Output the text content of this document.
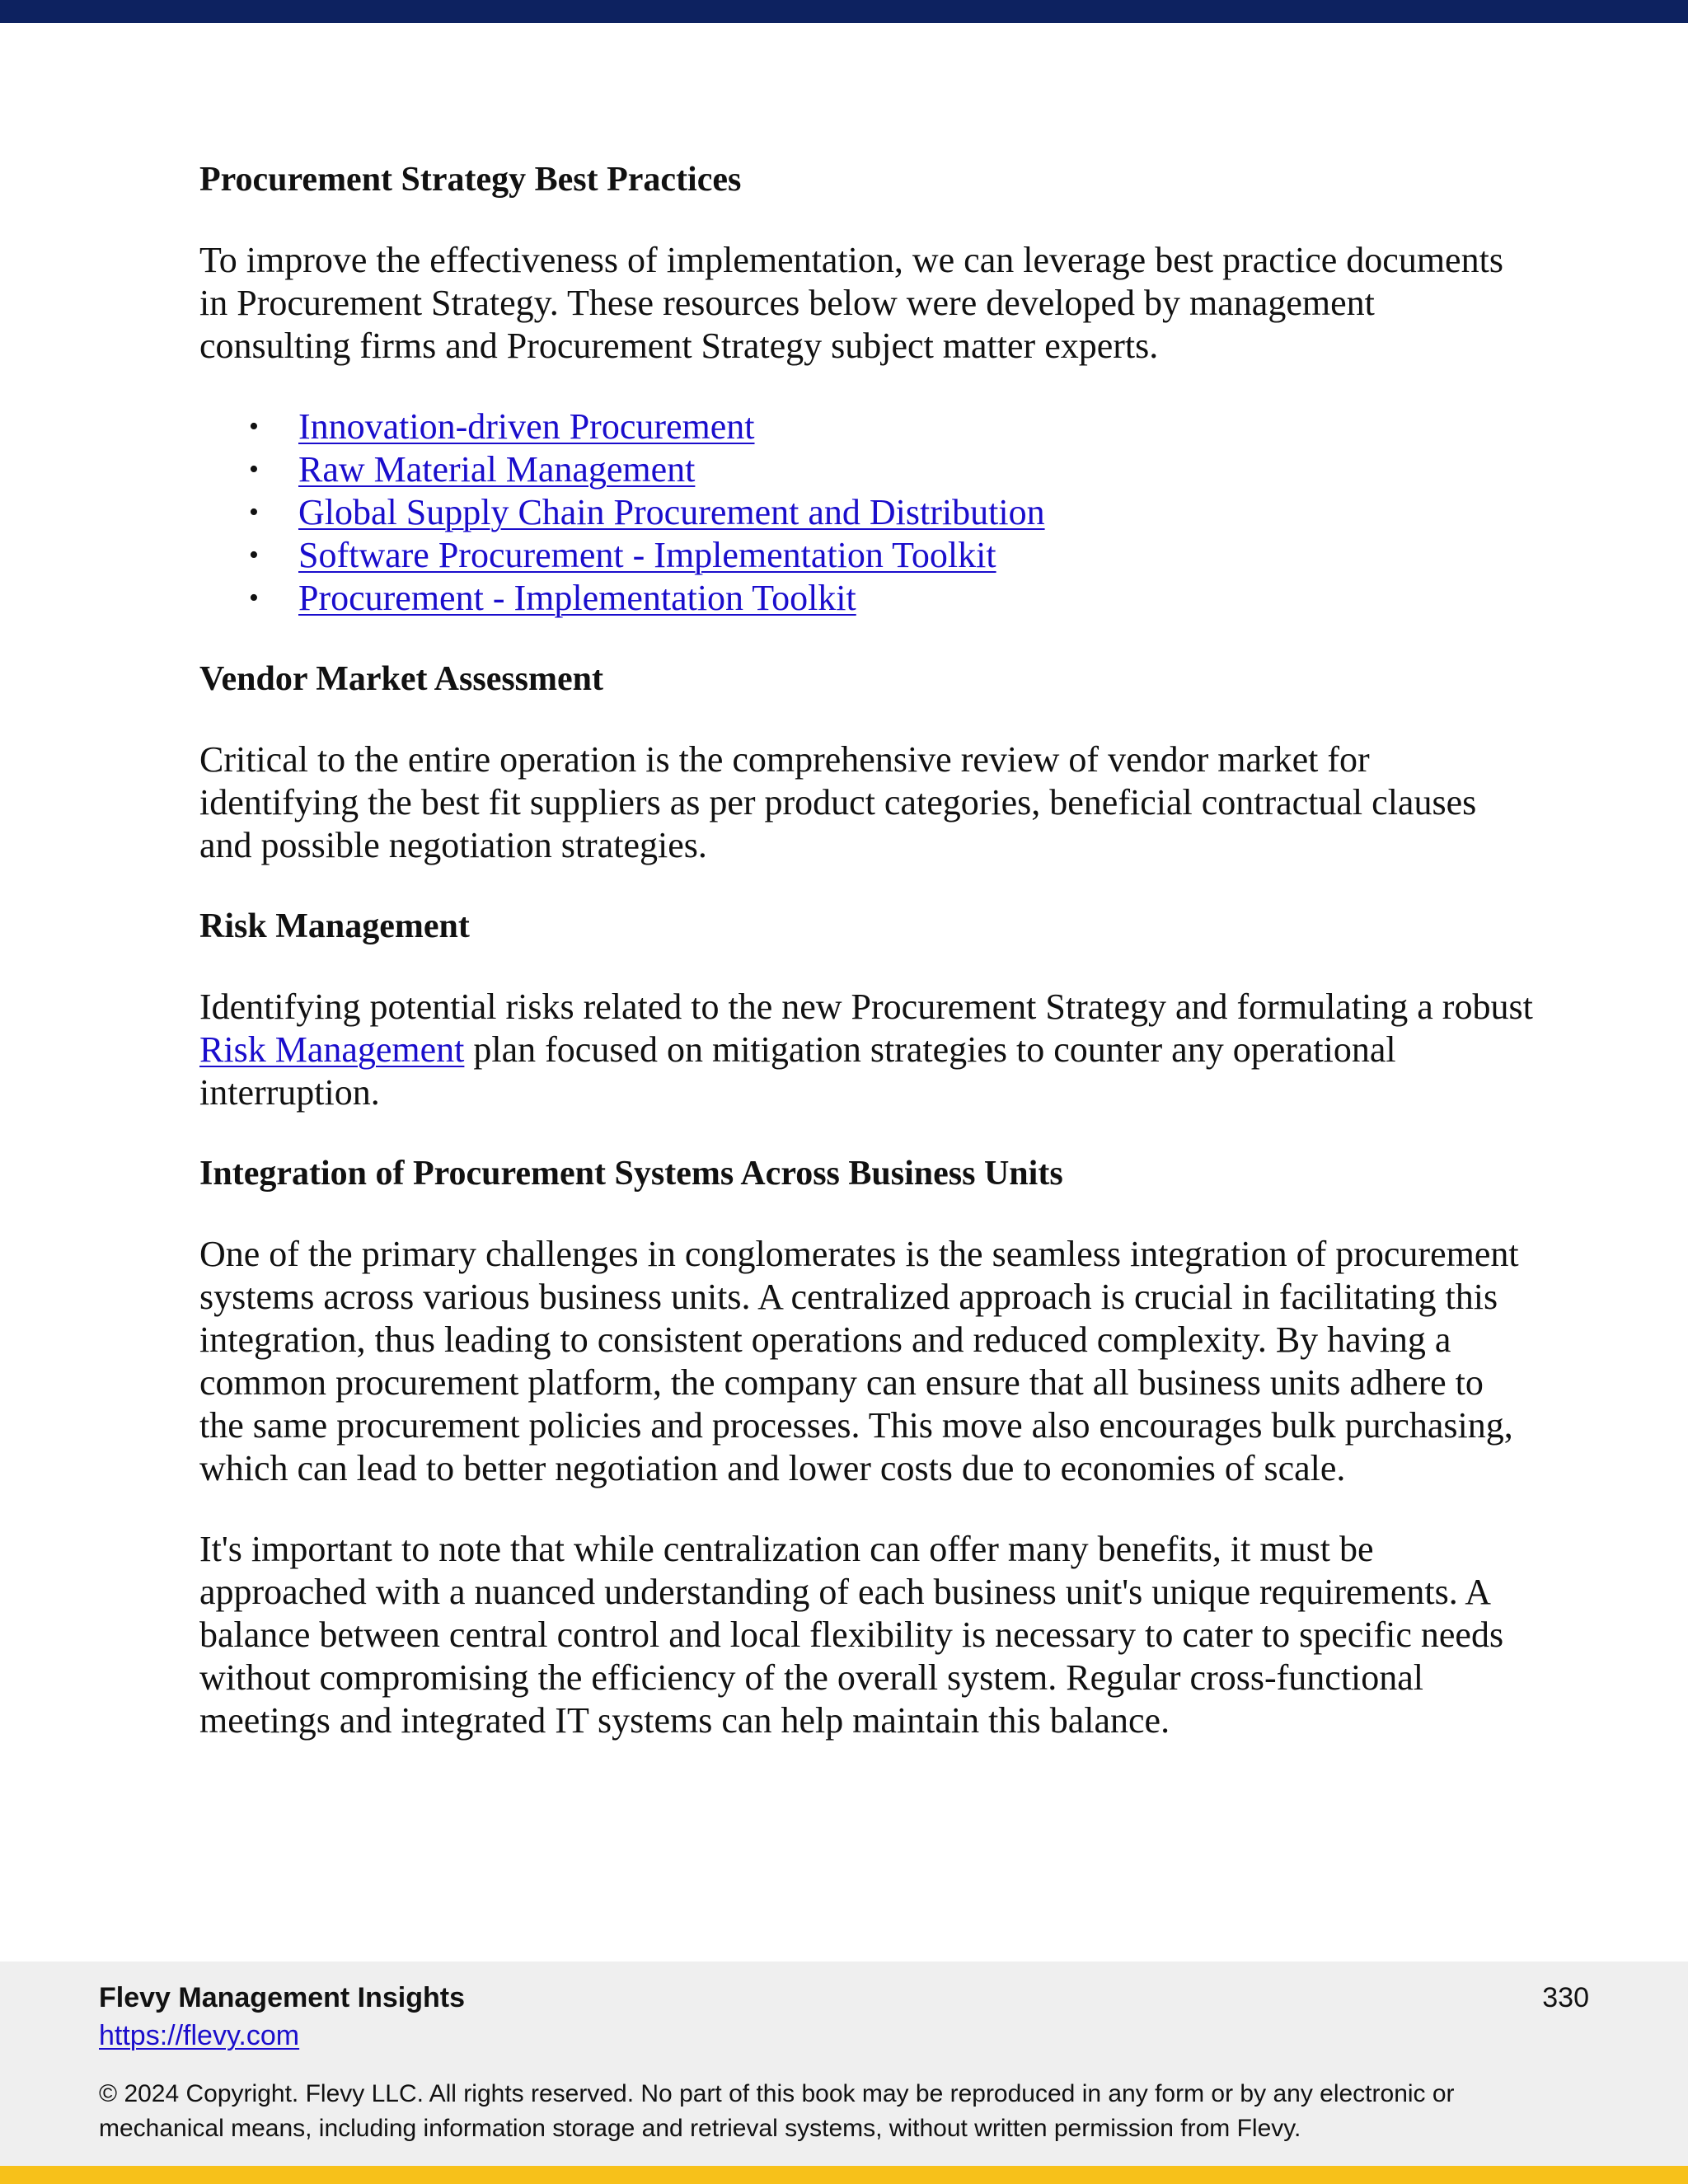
Procurement Strategy Best Practices

To improve the effectiveness of implementation, we can leverage best practice documents in Procurement Strategy. These resources below were developed by management consulting firms and Procurement Strategy subject matter experts.

• Innovation-driven Procurement
• Raw Material Management
• Global Supply Chain Procurement and Distribution
• Software Procurement - Implementation Toolkit
• Procurement - Implementation Toolkit
Vendor Market Assessment

Critical to the entire operation is the comprehensive review of vendor market for identifying the best fit suppliers as per product categories, beneficial contractual clauses and possible negotiation strategies.

Risk Management

Identifying potential risks related to the new Procurement Strategy and formulating a robust Risk Management plan focused on mitigation strategies to counter any operational interruption.

Integration of Procurement Systems Across Business Units

One of the primary challenges in conglomerates is the seamless integration of procurement systems across various business units. A centralized approach is crucial in facilitating this integration, thus leading to consistent operations and reduced complexity. By having a common procurement platform, the company can ensure that all business units adhere to the same procurement policies and processes. This move also encourages bulk purchasing, which can lead to better negotiation and lower costs due to economies of scale.

It's important to note that while centralization can offer many benefits, it must be approached with a nuanced understanding of each business unit's unique requirements. A balance between central control and local flexibility is necessary to cater to specific needs without compromising the efficiency of the overall system. Regular cross-functional meetings and integrated IT systems can help maintain this balance.

Flevy Management Insights	330
https://flevy.com
© 2024 Copyright. Flevy LLC. All rights reserved. No part of this book may be reproduced in any form or by any electronic or mechanical means, including information storage and retrieval systems, without written permission from Flevy.
